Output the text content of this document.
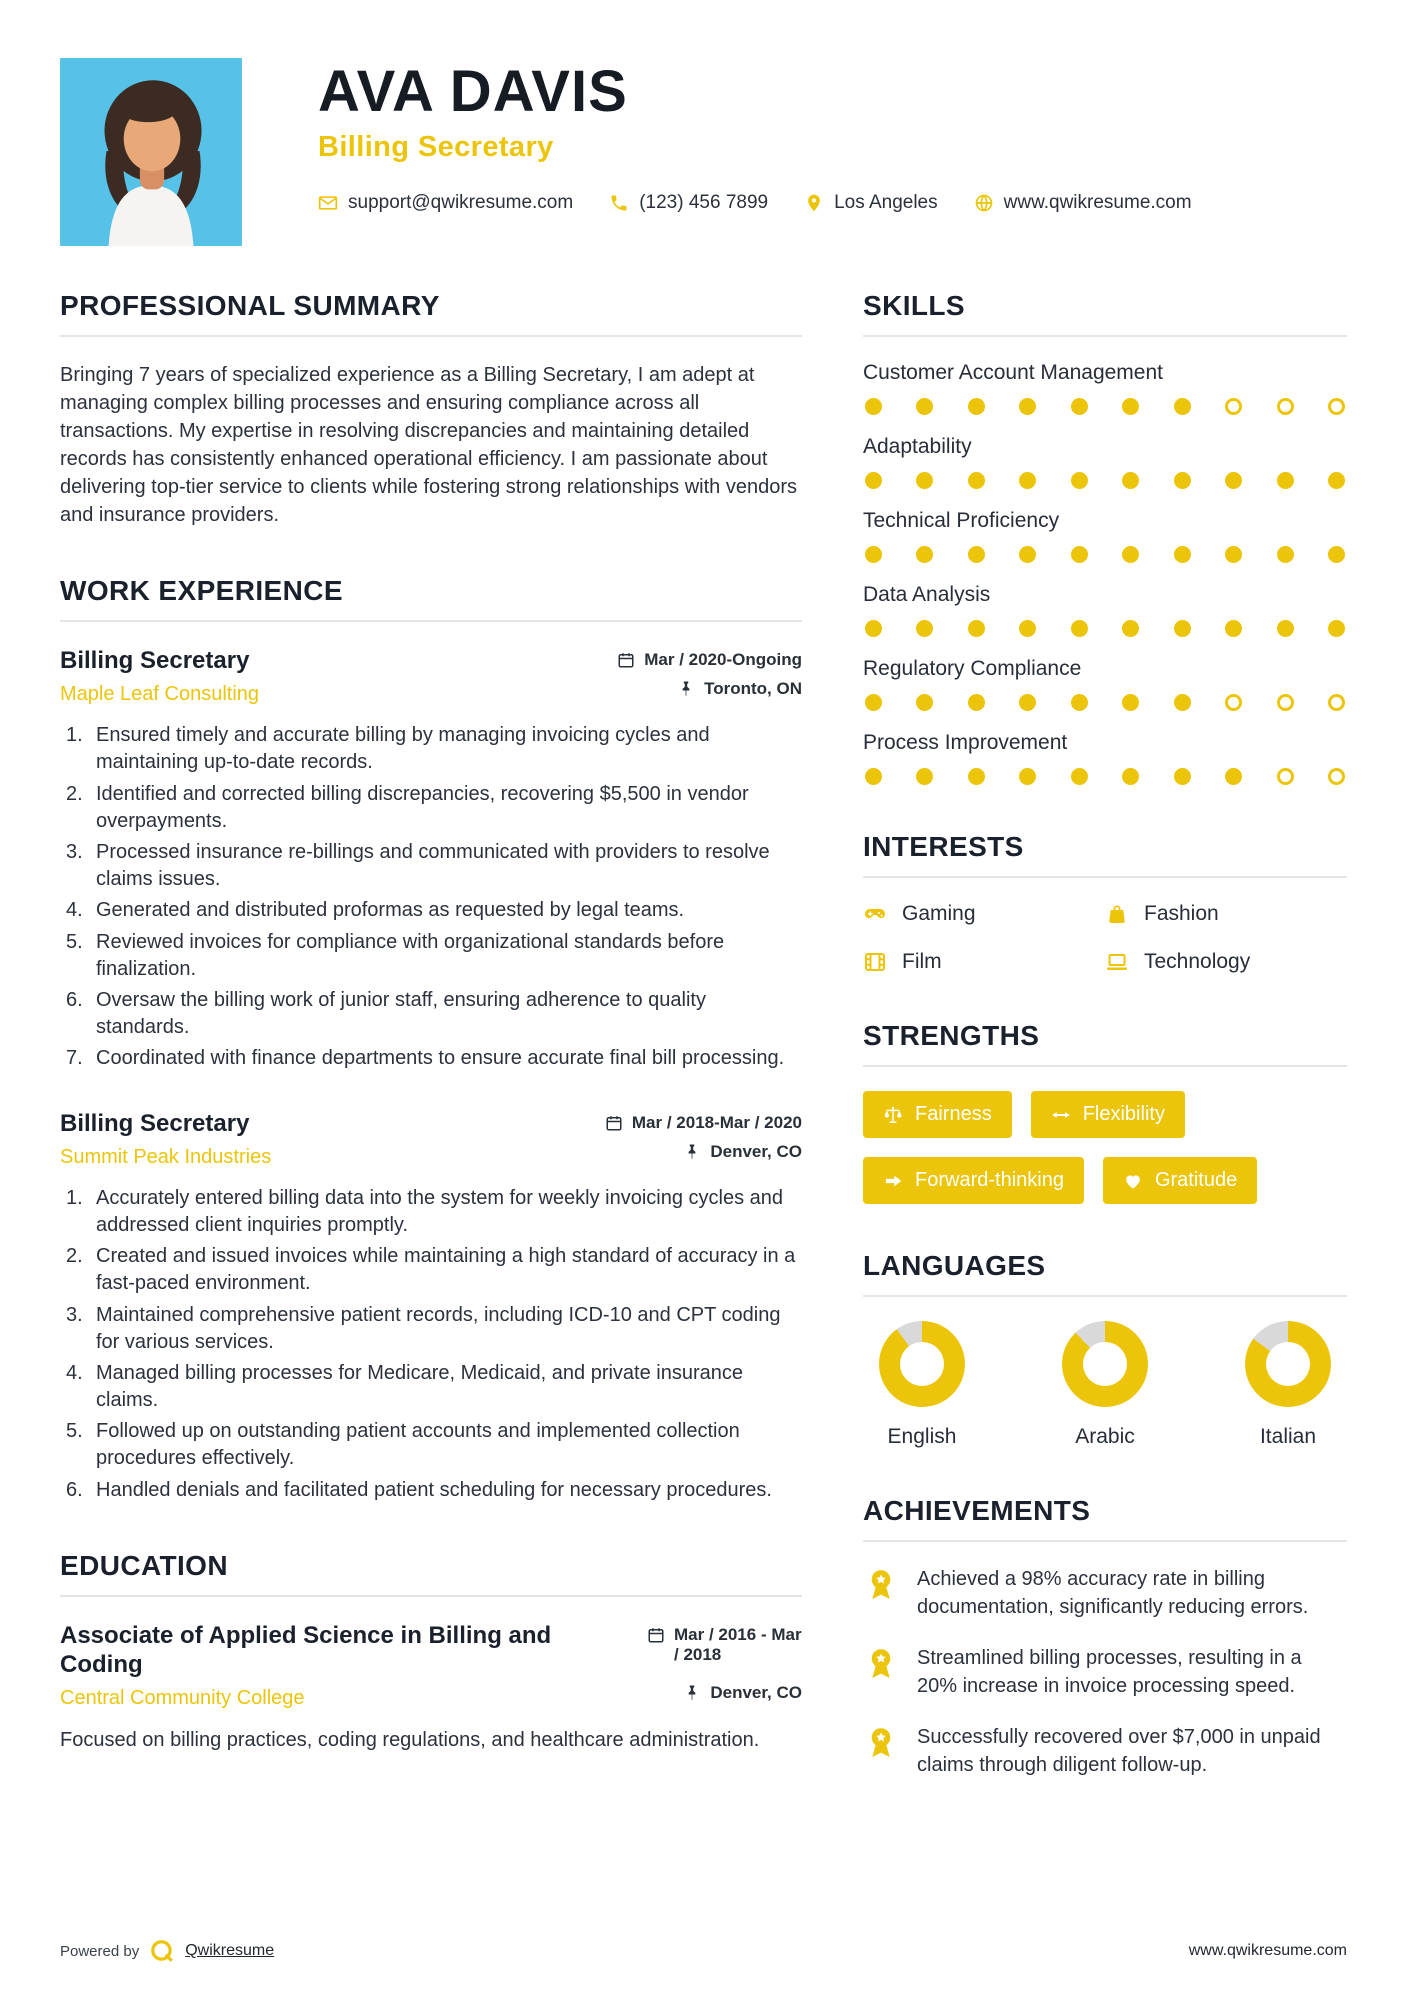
AVA DAVIS
Billing Secretary
support@qwikresume.com	(123) 456 7899	Los Angeles	www.qwikresume.com
PROFESSIONAL SUMMARY

Bringing 7 years of specialized experience as a Billing Secretary, I am adept at managing complex billing processes and ensuring compliance across all transactions. My expertise in resolving discrepancies and maintaining detailed records has consistently enhanced operational efficiency. I am passionate about delivering top-tier service to clients while fostering strong relationships with vendors and insurance providers.

WORK EXPERIENCE
Billing Secretary	Mar / 2020-Ongoing
Maple Leaf Consulting	Toronto, ON
Ensured timely and accurate billing by managing invoicing cycles and maintaining up-to-date records.
Identified and corrected billing discrepancies, recovering $5,500 in vendor overpayments.
Processed insurance re-billings and communicated with providers to resolve claims issues.
Generated and distributed proformas as requested by legal teams.
Reviewed invoices for compliance with organizational standards before finalization.
Oversaw the billing work of junior staff, ensuring adherence to quality standards.
Coordinated with finance departments to ensure accurate final bill processing.
Billing Secretary	Mar / 2018-Mar / 2020
Summit Peak Industries	Denver, CO
Accurately entered billing data into the system for weekly invoicing cycles and addressed client inquiries promptly.
Created and issued invoices while maintaining a high standard of accuracy in a fast-paced environment.
Maintained comprehensive patient records, including ICD-10 and CPT coding for various services.
Managed billing processes for Medicare, Medicaid, and private insurance claims.
Followed up on outstanding patient accounts and implemented collection procedures effectively.
Handled denials and facilitated patient scheduling for necessary procedures.
EDUCATION
Associate of Applied Science in Billing and Coding
Mar / 2016 - Mar / 2018
Central Community College	Denver, CO

Focused on billing practices, coding regulations, and healthcare administration.

SKILLS
Customer Account Management
Adaptability
Technical Proficiency
Data Analysis
Regulatory Compliance
Process Improvement
INTERESTS
Gaming	Fashion
Film	Technology
STRENGTHS
Fairness	Flexibility
Forward-thinking	Gratitude
LANGUAGES
English	Arabic	Italian
ACHIEVEMENTS

Achieved a 98% accuracy rate in billing documentation, significantly reducing errors.

Streamlined billing processes, resulting in a 20% increase in invoice processing speed.

Successfully recovered over $7,000 in unpaid claims through diligent follow-up.

Powered by	Qwikresume	www.qwikresume.com
